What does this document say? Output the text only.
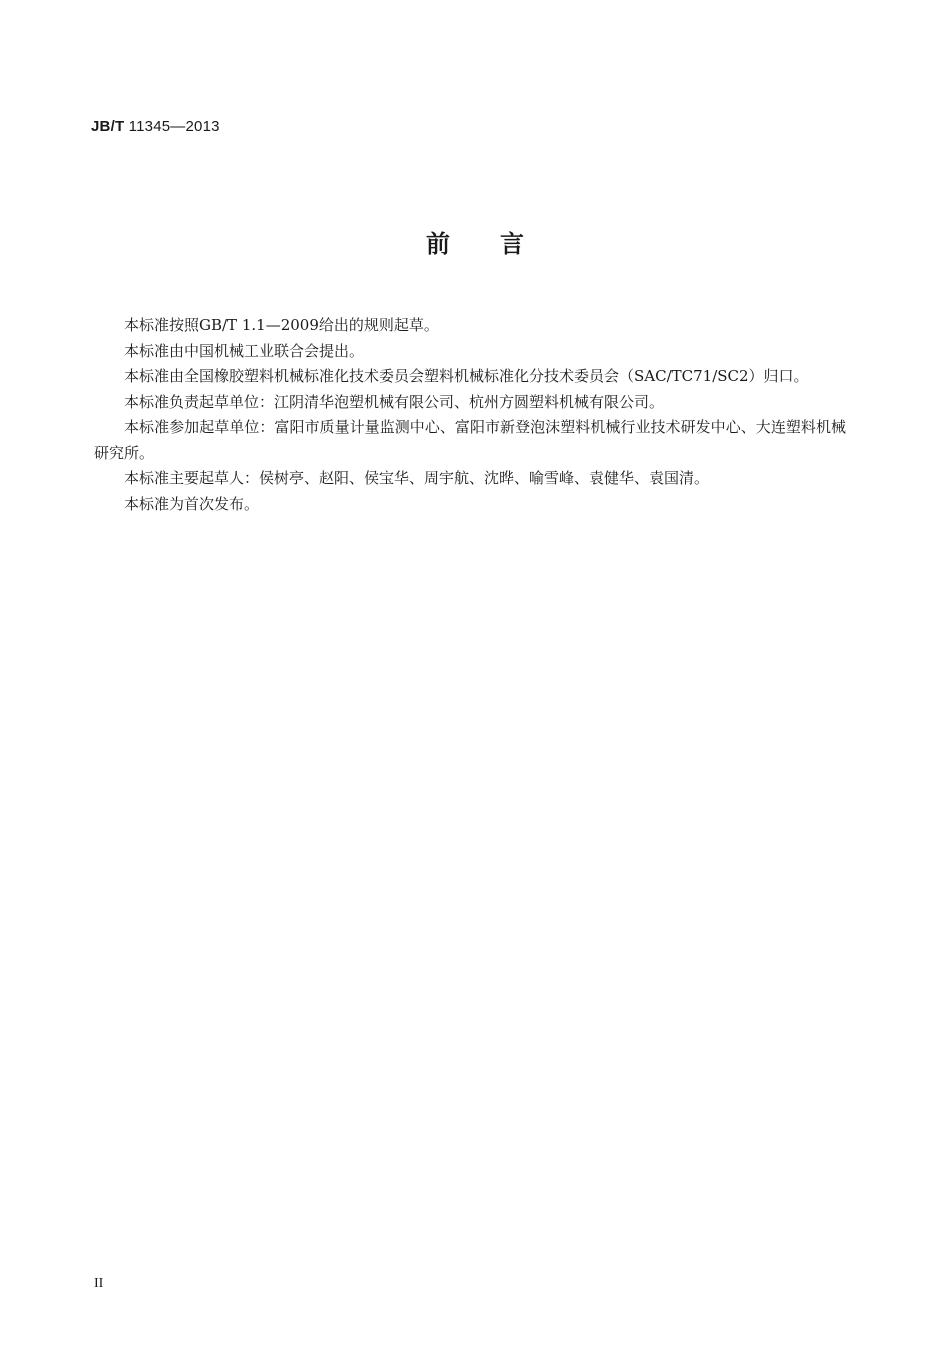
JB/T 11345—2013
前 言

本标准按照GB/T 1.1—2009给出的规则起草。

本标准由中国机械工业联合会提出。

本标准由全国橡胶塑料机械标准化技术委员会塑料机械标准化分技术委员会（SAC/TC71/SC2）归口。

本标准负责起草单位：江阴清华泡塑机械有限公司、杭州方圆塑料机械有限公司。

本标准参加起草单位：富阳市质量计量监测中心、富阳市新登泡沫塑料机械行业技术研发中心、大连塑料机械研究所。

本标准主要起草人：侯树亭、赵阳、侯宝华、周宇航、沈晔、喻雪峰、袁健华、袁国清。

本标准为首次发布。

II
